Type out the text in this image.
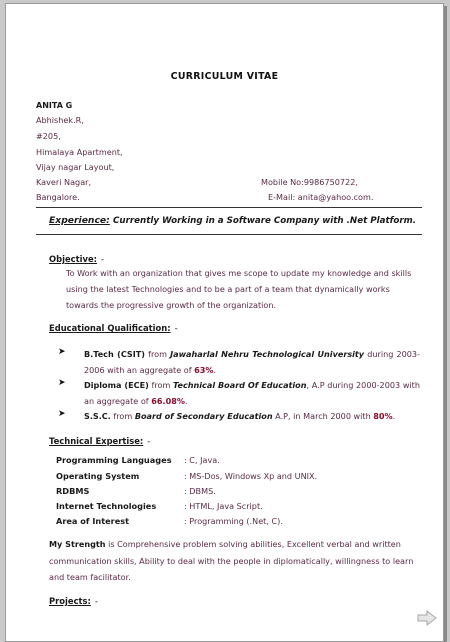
CURRICULUM VITAE
ANITA G
Abhishek.R,
#205,
Himalaya Apartment,
Vijay nagar Layout,
Kaveri Nagar,
Bangalore.
Mobile No:9986750722,
E-Mail: anita@yahoo.com.
Experience: Currently Working in a Software Company with .Net Platform.
Objective: -
To Work with an organization that gives me scope to update my knowledge and skills using the latest Technologies and to be a part of a team that dynamically works towards the progressive growth of the organization.
Educational Qualification: -
➤	B.Tech (CSIT) from Jawaharlal Nehru Technological University during 2003-2006 with an aggregate of 63%.
➤	Diploma (ECE) from Technical Board Of Education, A.P during 2000-2003 with an aggregate of 66.08%.
➤	S.S.C. from Board of Secondary Education A.P, in March 2000 with 80%.
Technical Expertise: -
Programming Languages : C, Java.
Operating System	: MS-Dos, Windows Xp and UNIX.
RDBMS	: DBMS.
Internet Technologies	: HTML, Java Script.
Area of Interest	: Programming (.Net, C).
My Strength is Comprehensive problem solving abilities, Excellent verbal and written communication skills, Ability to deal with the people in diplomatically, willingness to learn and team facilitator.
Projects: -
